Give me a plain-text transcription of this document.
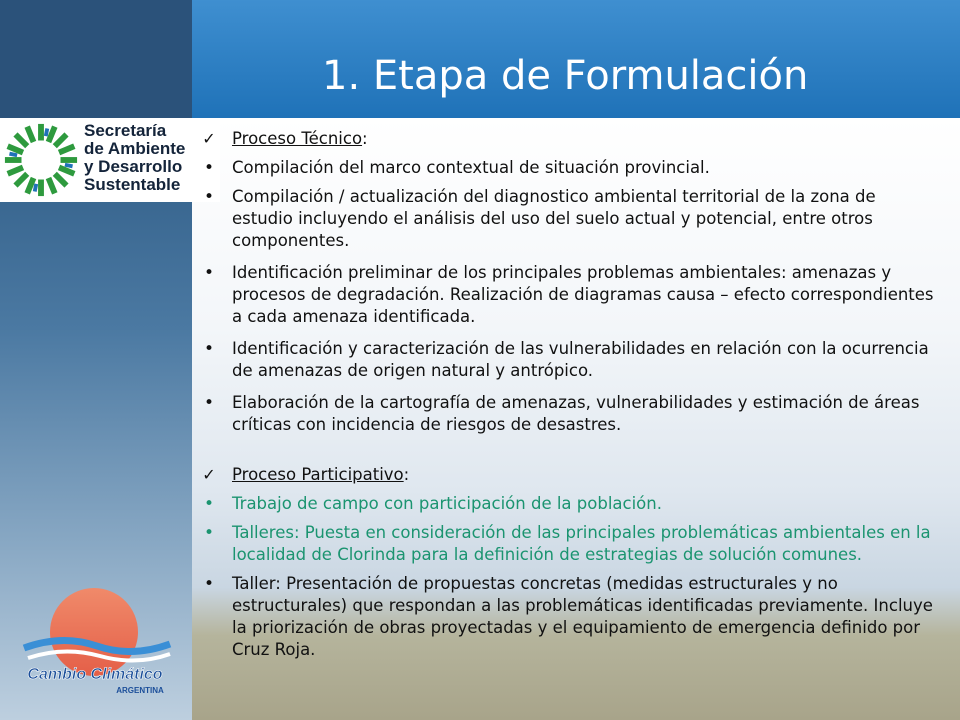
1. Etapa de Formulación
Secretaría
de Ambiente
y Desarrollo
Sustentable
Cambio Climático
ARGENTINA
✓ Proceso Técnico:
•	Compilación del marco contextual de situación provincial.
•	Compilación / actualización del diagnostico ambiental territorial de la zona de estudio incluyendo el análisis del uso del suelo actual y potencial, entre otros componentes.
•	Identificación preliminar de los principales problemas ambientales: amenazas y procesos de degradación. Realización de diagramas causa – efecto correspondientes a cada amenaza identificada.
•	Identificación y caracterización de las vulnerabilidades en relación con la ocurrencia de amenazas de origen natural y antrópico.
•	Elaboración de la cartografía de amenazas, vulnerabilidades y estimación de áreas críticas con incidencia de riesgos de desastres.
✓ Proceso Participativo:
•	Trabajo de campo con participación de la población.
•	Talleres: Puesta en consideración de las principales problemáticas ambientales en la localidad de Clorinda para la definición de estrategias de solución comunes.
•	Taller: Presentación de propuestas concretas (medidas estructurales y no estructurales) que respondan a las problemáticas identificadas previamente. Incluye la priorización de obras proyectadas y el equipamiento de emergencia definido por Cruz Roja.
